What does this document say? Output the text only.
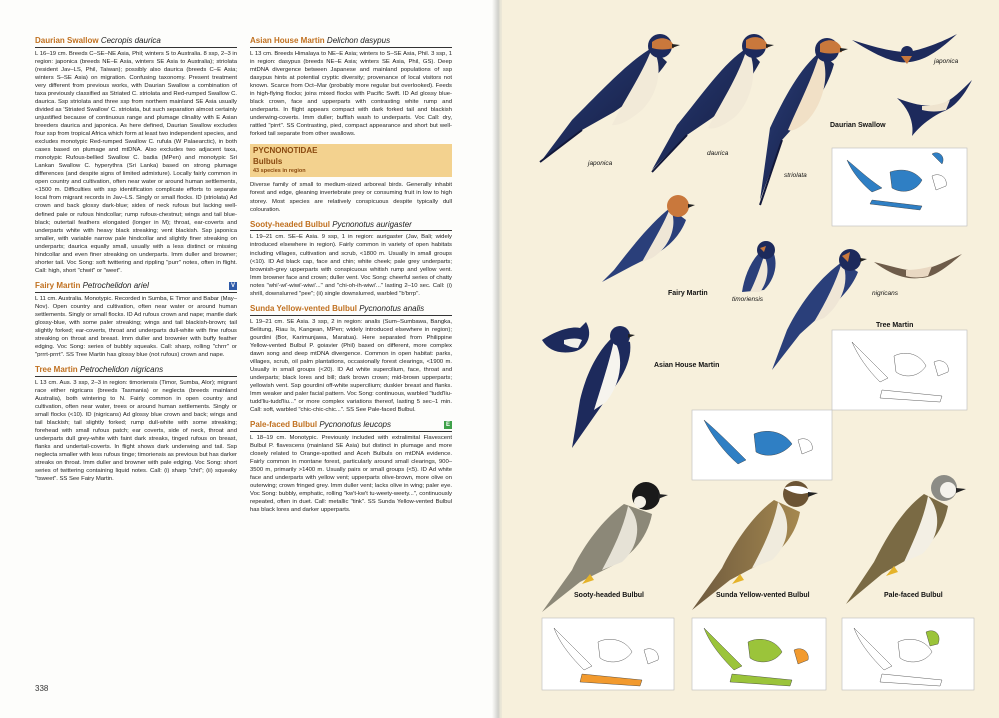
Daurian Swallow Cecropis daurica

L 16–19 cm. Breeds C–SE–NE Asia, Phil; winters S to Australia. 8 ssp, 2–3 in region: japonica (breeds NE–E Asia, winters SE Asia to Australia); striolata (resident Jav–LS, Phil, Taiwan); possibly also daurica (breeds C–E Asia; winters S–SE Asia) on migration. Confusing taxonomy. Present treatment very different from previous works, with Daurian Swallow a combination of taxa previously classified as Striated C. striolata and Red-rumped Swallow C. daurica. Ssp striolata and three ssp from northern mainland SE Asia usually divided as 'Striated Swallow' C. striolata, but such separation almost certainly unjustified because of continuous range and plumage clinality with E Asian breeders daurica and japonica. As here defined, Daurian Swallow excludes four ssp from tropical Africa which form at least two independent species, and excludes monotypic Red-rumped Swallow C. rufula (W Palaearctic), in both cases based on plumage and mtDNA. Also excludes two adjacent taxa, monotypic Rufous-bellied Swallow C. badia (MPen) and monotypic Sri Lankan Swallow C. hyperythra (Sri Lanka) based on strong plumage differences (and despite signs of limited admixture). Locally fairly common in open country and cultivation, often near water or around human settlements, <1500 m. Difficulties with ssp identification complicate efforts to separate local from migrant records in Jav–LS. Singly or small flocks. ID (striolata) Ad crown and back glossy dark-blue; sides of neck rufous but lacking well-defined pale or rufous hindcollar; rump rufous-chestnut; wings and tail blue-black; outertail feathers elongated (longer in M); throat, ear-coverts and underparts white with heavy black streaking; vent blackish. Ssp japonica smaller, with variable narrow pale hindcollar and slightly finer streaking on underparts; daurica equally small, usually with a less distinct or missing hindcollar and even finer streaking on underparts. Imm duller and browner; shorter tail. Voc Song: soft twittering and rippling "purr" notes, often in flight. Call: high, short "chwit" or "weet".

Fairy Martin Petrochelidon ariel	V

L 11 cm. Australia. Monotypic. Recorded in Sumba, E Timor and Babar (May–Nov). Open country and cultivation, often near water or around human settlements. Singly or small flocks. ID Ad rufous crown and nape; mantle dark glossy-blue, with some paler streaking; wings and tail blackish-brown; tail slightly forked; ear-coverts, throat and underparts dull-white with fine rufous streaking on throat and breast. Imm duller and brownier with buffy feather edging. Voc Song: series of bubbly squeaks. Call: sharp, rolling "chrrr" or "prrrt-prrrt". SS Tree Martin has glossy blue (not rufous) crown and nape.

Tree Martin Petrochelidon nigricans

L 13 cm. Aus. 3 ssp, 2–3 in region: timoriensis (Timor, Sumba, Alor); migrant race either nigricans (breeds Tasmania) or neglecta (breeds mainland Australia), both wintering to N. Fairly common in open country and cultivation, often near water, trees or around human settlements. Singly or small flocks (<10). ID (nigricans) Ad glossy blue crown and back; wings and tail blackish; tail slightly forked; rump dull-white with some streaking; forehead with small rufous patch; ear coverts, side of neck, throat and underparts dull grey-white with faint dark streaks, tinged rufous on breast, flanks and undertail-coverts. In flight shows dark underwing and tail. Ssp neglecta smaller with less rufous tinge; timoriensis as previous but has darker streaks on throat. Imm duller and browner with pale edging. Voc Song: short series of twittering containing liquid notes. Call: (i) sharp "chit"; (ii) squeaky "tsweet". SS See Fairy Martin.

Asian House Martin Delichon dasypus

L 13 cm. Breeds Himalaya to NE–E Asia; winters to S–SE Asia, Phil. 3 ssp, 1 in region: dasypus (breeds NE–E Asia; winters SE Asia, Phil, GS). Deep mtDNA divergence between Japanese and mainland populations of ssp dasypus hints at potential cryptic diversity; provenance of local visitors not known. Scarce from Oct–Mar (probably more regular but overlooked). Feeds in high-flying flocks; joins mixed flocks with Pacific Swift. ID Ad glossy blue-black crown, face and upperparts with contrasting white rump and underparts. In flight appears compact with dark forked tail and blackish underwing-coverts. Imm duller; buffish wash to underparts. Voc Call: dry, rattled "pirrt". SS Contrasting, pied, compact appearance and short but well-forked tail separate from other swallows.

PYCNONOTIDAE
Bulbuls
43 species in region

Diverse family of small to medium-sized arboreal birds. Generally inhabit forest and edge, gleaning invertebrate prey or consuming fruit in low to high storey. Most species are relatively conspicuous despite typically dull colouration.

Sooty-headed Bulbul Pycnonotus aurigaster

L 19–21 cm. SE–E Asia. 9 ssp, 1 in region: aurigaster (Jav, Bali; widely introduced elsewhere in region). Fairly common in variety of open habitats including villages, cultivation and scrub, <1800 m. Usually in small groups (<10). ID Ad black cap, face and chin; white cheek; pale grey underparts; brownish-grey upperparts with conspicuous whitish rump and yellow vent. Imm browner face and crown; duller vent. Voc Song: cheerful series of chatty notes "whi'-wi'-wiwi'-wiwi'..." and "chi-oh-ih-wiwi'..." lasting 2–10 sec. Call: (i) shrill, downslurred "pee"; (ii) single downslurred, warbled "b'brrp".

Sunda Yellow-vented Bulbul Pycnonotus analis

L 19–21 cm. SE Asia. 3 ssp, 2 in region: analis (Sum–Sumbawa, Bangka, Belitung, Riau Is, Kangean, MPen; widely introduced elsewhere in region); gourdini (Bor, Karimunjawa, Maratua). Here separated from Philippine Yellow-vented Bulbul P. goiavier (Phil) based on different, more complex dawn song and deep mtDNA divergence. Common in open habitat: parks, villages, scrub, oil palm plantations, occasionally forest clearings, <1900 m. Usually in small groups (<20). ID Ad white supercilium, face, throat and underparts; black lores and bill; dark brown crown; mid-brown upperparts; yellowish vent. Ssp gourdini off-white supercilium; duskier breast and flanks. Imm weaker and paler facial pattern. Voc Song: continuous, warbled "tudd'liu-tudd'liu-tudd'liu..." or more complex variations thereof, lasting 5 sec–1 min. Call: soft, warbled "chic-chic-chic...". SS See Pale-faced Bulbul.

Pale-faced Bulbul Pycnonotus leucops	E

L 18–19 cm. Monotypic. Previously included with extralimital Flavescent Bulbul P. flavescens (mainland SE Asia) but distinct in plumage and more closely related to Orange-spotted and Aceh Bulbuls on mtDNA evidence. Fairly common in montane forest, particularly around small clearings, 900–3500 m, primarily >1400 m. Usually pairs or small groups (<5). ID Ad white face and underparts with yellow vent; upperparts olive-brown, more olive on outerwing; crown fringed grey. Imm duller vent; lacks olive in wing; paler eye. Voc Song: bubbly, emphatic, rolling "kw't-kw't tu-weety-weety...", continuously repeated, often in duet. Call: metallic "tink". SS Sunda Yellow-vented Bulbul has black lores and darker upperparts.

338
japonica
Daurian Swallow
japonica
daurica
striolata
Fairy Martin
timoriensis
nigricans
Tree Martin
Asian House Martin
Sooty-headed Bulbul	Sunda Yellow-vented Bulbul	Pale-faced Bulbul
